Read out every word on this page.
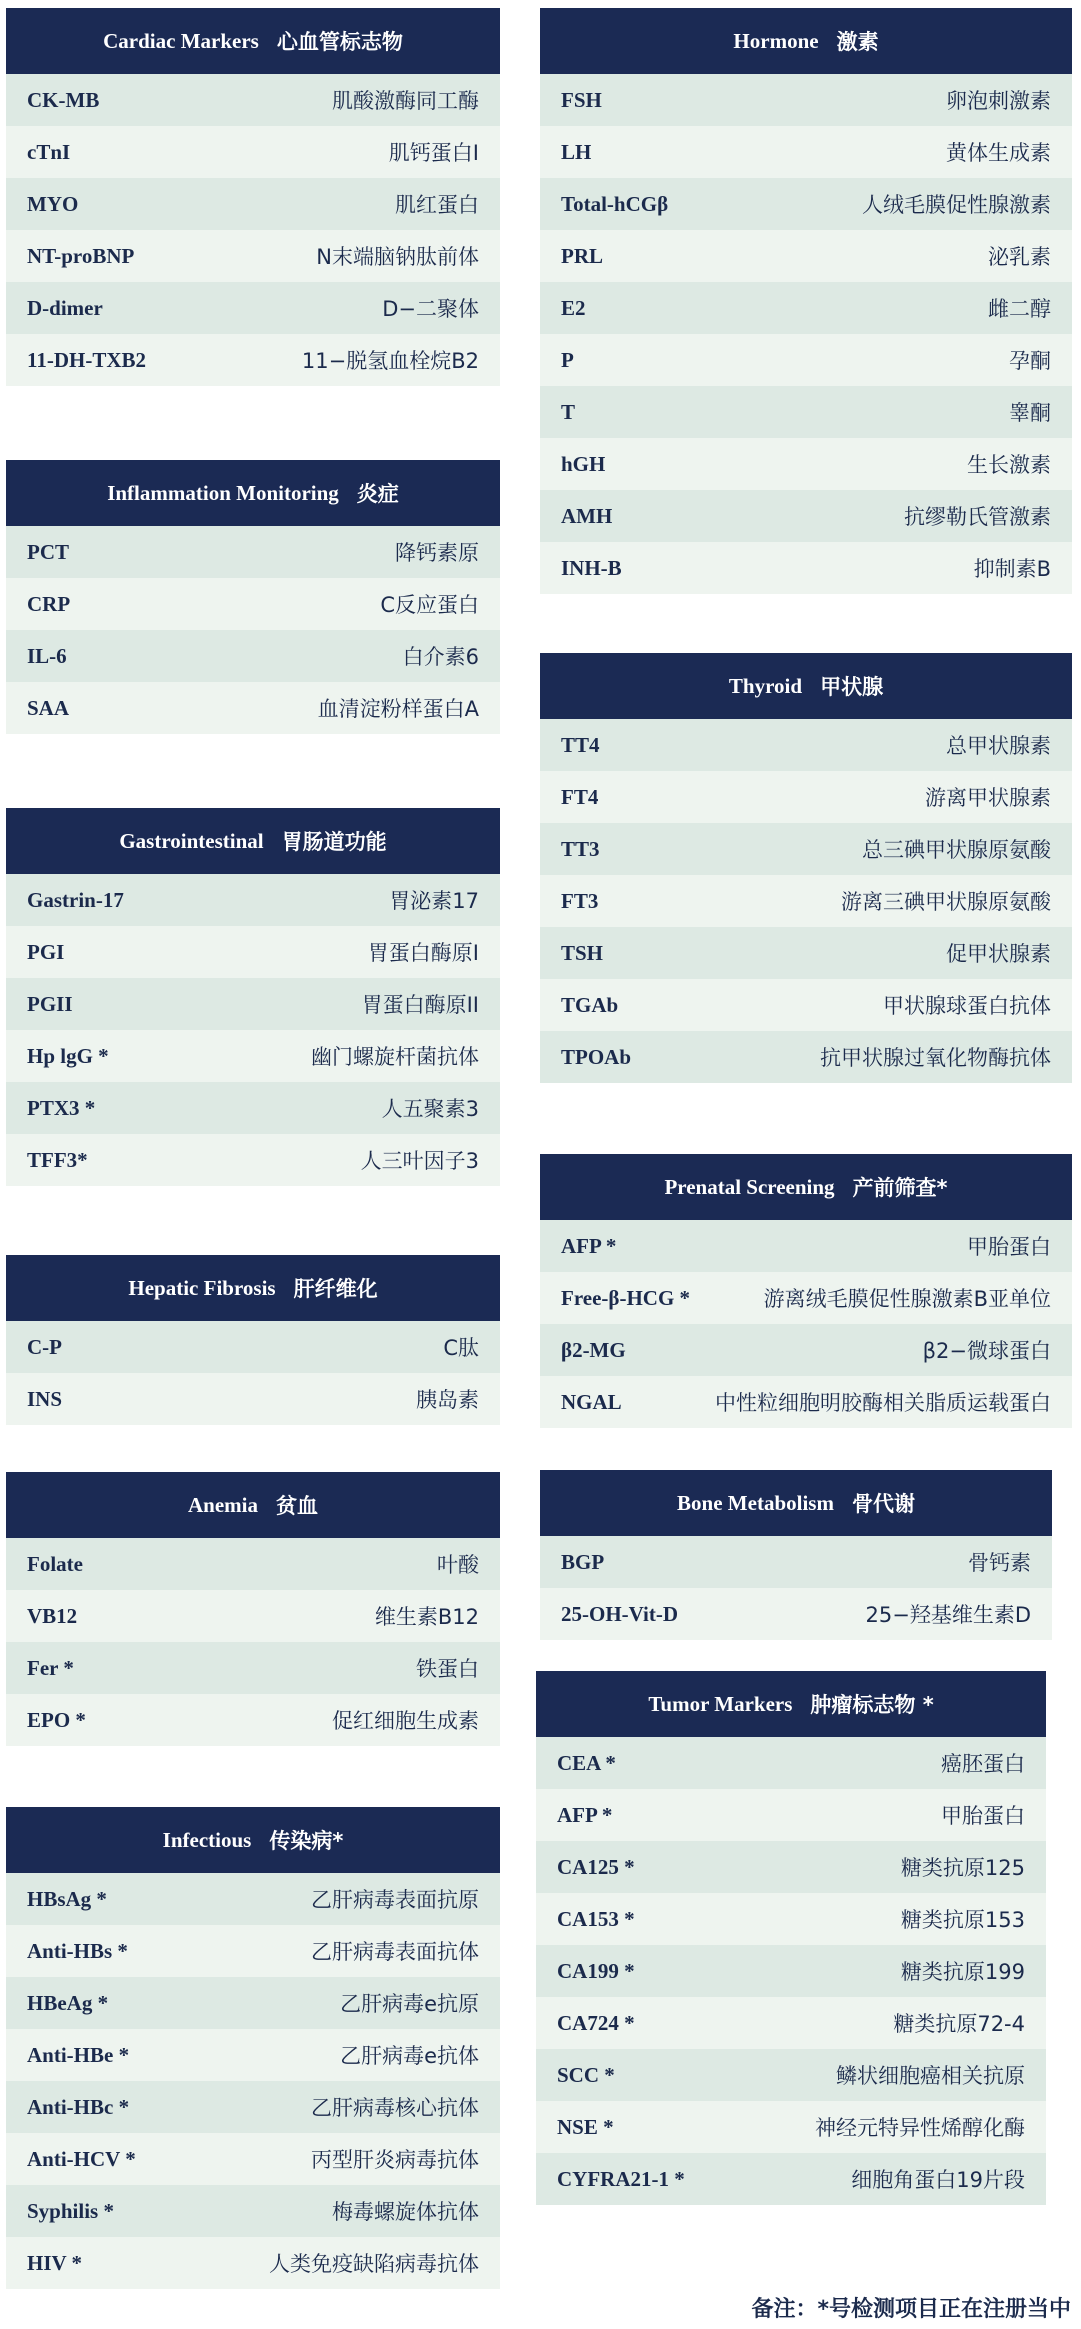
Cardiac Markers 心血管标志物
CK-MB	肌酸激酶同工酶
cTnI	肌钙蛋白I
MYO	肌红蛋白
NT-proBNP	N末端脑钠肽前体
D-dimer	D−二聚体
11-DH-TXB2	11−脱氢血栓烷B2
Inflammation Monitoring 炎症
PCT	降钙素原
CRP	C反应蛋白
IL-6	白介素6
SAA	血清淀粉样蛋白A
Gastrointestinal 胃肠道功能
Gastrin-17	胃泌素17
PGI	胃蛋白酶原I
PGII	胃蛋白酶原II
Hp lgG *	幽门螺旋杆菌抗体
PTX3 *	人五聚素3
TFF3*	人三叶因子3
Hepatic Fibrosis 肝纤维化
C-P	C肽
INS	胰岛素
Anemia 贫血
Folate	叶酸
VB12	维生素B12
Fer *	铁蛋白
EPO *	促红细胞生成素
Infectious 传染病*
HBsAg *	乙肝病毒表面抗原
Anti-HBs *	乙肝病毒表面抗体
HBeAg *	乙肝病毒e抗原
Anti-HBe *	乙肝病毒e抗体
Anti-HBc *	乙肝病毒核心抗体
Anti-HCV *	丙型肝炎病毒抗体
Syphilis *	梅毒螺旋体抗体
HIV *	人类免疫缺陷病毒抗体
Hormone 激素
FSH	卵泡刺激素
LH	黄体生成素
Total-hCGβ	人绒毛膜促性腺激素
PRL	泌乳素
E2	雌二醇
P	孕酮
T	睾酮
hGH	生长激素
AMH	抗缪勒氏管激素
INH-B	抑制素B
Thyroid 甲状腺
TT4	总甲状腺素
FT4	游离甲状腺素
TT3	总三碘甲状腺原氨酸
FT3	游离三碘甲状腺原氨酸
TSH	促甲状腺素
TGAb	甲状腺球蛋白抗体
TPOAb	抗甲状腺过氧化物酶抗体
Prenatal Screening 产前筛查*
AFP *	甲胎蛋白
Free-β-HCG *	游离绒毛膜促性腺激素B亚单位
β2-MG	β2−微球蛋白
NGAL	中性粒细胞明胶酶相关脂质运载蛋白
Bone Metabolism 骨代谢
BGP	骨钙素
25-OH-Vit-D	25−羟基维生素D
Tumor Markers 肿瘤标志物 *
CEA *	癌胚蛋白
AFP *	甲胎蛋白
CA125 *	糖类抗原125
CA153 *	糖类抗原153
CA199 *	糖类抗原199
CA724 *	糖类抗原72-4
SCC *	鳞状细胞癌相关抗原
NSE *	神经元特异性烯醇化酶
CYFRA21-1 *	细胞角蛋白19片段
备注：*号检测项目正在注册当中
